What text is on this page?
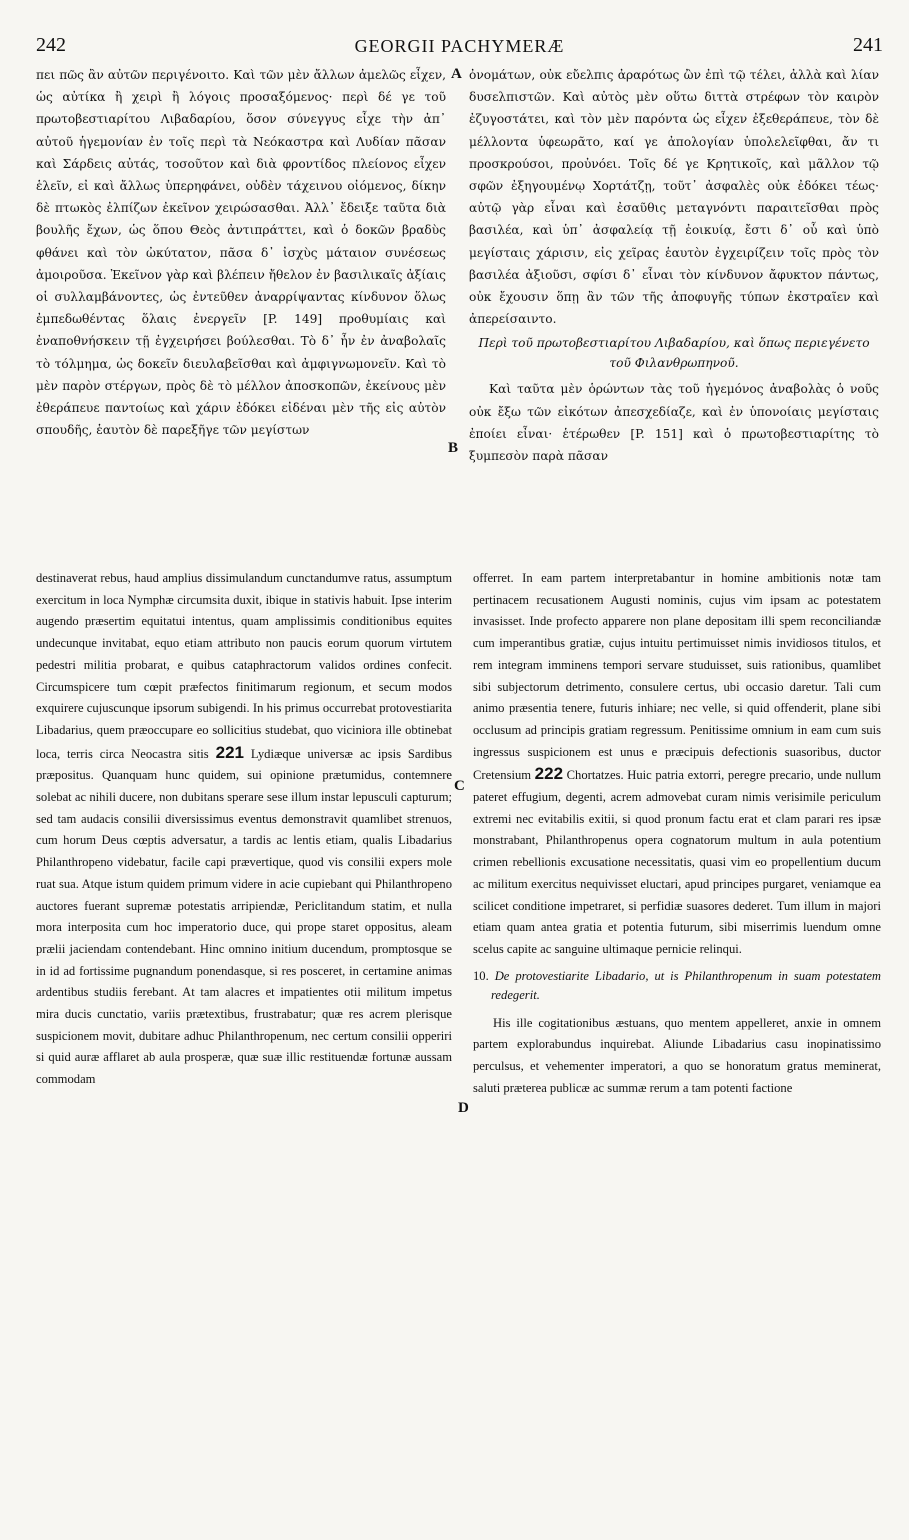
242	GEORGII PACHYMERÆ	241

πει πῶς ἂν αὐτῶν περιγένοιτο. Καὶ τῶν μὲν ἄλλων ἀμελῶς εἶχεν, ὡς αὐτίκα ἢ χειρὶ ἢ λόγοις προσαξόμενος· περὶ δέ γε τοῦ πρωτοβεστιαρίτου Λιβαδαρίου, ὅσον σύνεγγυς εἶχε τὴν ἀπ᾽ αὐτοῦ ἡγεμονίαν ἐν τοῖς περὶ τὰ Νεόκαστρα καὶ Λυδίαν πᾶσαν καὶ Σάρδεις αὐτάς, τοσοῦτον καὶ διὰ φροντίδος πλείονος εἶχεν ἑλεῖν, εἰ καὶ ἄλλως ὑπερηφάνει, οὐδὲν τάχεινου οἰόμενος, δίκην δὲ πτωκὸς ἐλπίζων ἐκεῖνον χειρώσασθαι. Ἀλλ᾽ ἔδειξε ταῦτα διὰ βουλῆς ἔχων, ὡς ὅπου Θεὸς ἀντιπράττει, καὶ ὁ δοκῶν βραδὺς φθάνει καὶ τὸν ὠκύτατον, πᾶσα δ᾽ ἰσχὺς μάταιον συνέσεως ἀμοιροῦσα. Ἐκεῖνον γὰρ καὶ βλέπειν ἤθελον ἐν βασιλικαῖς ἀξίαις οἱ συλλαμβάνοντες, ὡς ἐντεῦθεν ἀναρρίψαντας κίνδυνον ὅλως ἐμπεδωθέντας ὅλαις ἐνεργεῖν [P. 149] προθυμίαις καὶ ἐναποθνήσκειν τῇ ἐγχειρήσει βούλεσθαι. Τὸ δ᾽ ἦν ἐν ἀναβολαῖς τὸ τόλμημα, ὡς δοκεῖν διευλαβεῖσθαι καὶ ἀμφιγνωμονεῖν. Καὶ τὸ μὲν παρὸν στέργων, πρὸς δὲ τὸ μέλλον ἀποσκοπῶν, ἐκείνους μὲν ἐθεράπευε παντοίως καὶ χάριν ἐδόκει εἰδέναι μὲν τῆς εἰς αὐτὸν σπουδῆς, ἑαυτὸν δὲ παρεξῆγε τῶν μεγίστων

ὀνομάτων, οὐκ εὔελπις ἀραρότως ὢν ἐπὶ τῷ τέλει, ἀλλὰ καὶ λίαν δυσελπιστῶν. Καὶ αὐτὸς μὲν οὕτω διττὰ στρέφων τὸν καιρὸν ἐζυγοστάτει, καὶ τὸν μὲν παρόντα ὡς εἶχεν ἐξεθεράπευε, τὸν δὲ μέλλοντα ὑφεωρᾶτο, καί γε ἀπολογίαν ὑπολελεῖφθαι, ἄν τι προσκρούσοι, προὐνόει. Τοῖς δέ γε Κρητικοῖς, καὶ μᾶλλον τῷ σφῶν ἐξηγουμένῳ Χορτάτζῃ, τοῦτ᾽ ἀσφαλὲς οὐκ ἐδόκει τέως· αὐτῷ γὰρ εἶναι καὶ ἐσαῦθις μεταγνόντι παραιτεῖσθαι πρὸς βασιλέα, καὶ ὑπ᾽ ἀσφαλείᾳ τῇ ἐοικυίᾳ, ἔστι δ᾽ οὗ καὶ ὑπὸ μεγίσταις χάρισιν, εἰς χεῖρας ἑαυτὸν ἐγχειρίζειν τοῖς πρὸς τὸν βασιλέα ἀξιοῦσι, σφίσι δ᾽ εἶναι τὸν κίνδυνον ἄφυκτον πάντως, οὐκ ἔχουσιν ὅπῃ ἂν τῶν τῆς ἀποφυγῆς τύπων ἐκστραῖεν καὶ ἀπερείσαιντο.

Περὶ τοῦ πρωτοβεστιαρίτου Λιβαδαρίου, καὶ ὅπως περιεγένετο τοῦ Φιλανθρωπηνοῦ.

Καὶ ταῦτα μὲν ὁρώντων τὰς τοῦ ἡγεμόνος ἀναβολὰς ὁ νοῦς οὐκ ἔξω τῶν εἰκότων ἀπεσχεδίαζε, καὶ ἐν ὑπονοίαις μεγίσταις ἐποίει εἶναι· ἑτέρωθεν [P. 151] καὶ ὁ πρωτοβεστιαρίτης τὸ ξυμπεσὸν παρὰ πᾶσαν

A
B
C
D

destinaverat rebus, haud amplius dissimulandum cunctandumve ratus, assumptum exercitum in loca Nymphæ circumsita duxit, ibique in stativis habuit. Ipse interim augendo præsertim equitatui intentus, quam amplissimis conditionibus equites undecunque invitabat, equo etiam attributo non paucis eorum quorum virtutem pedestri militia probarat, e quibus cataphractorum validos ordines confecit. Circumspicere tum cœpit præfectos finitimarum regionum, et secum modos exquirere cujuscunque ipsorum subigendi. In his primus occurrebat protovestiarita Libadarius, quem præoccupare eo sollicitius studebat, quo viciniora ille obtinebat loca, terris circa Neocastra sitis 221 Lydiæque universæ ac ipsis Sardibus præpositus. Quanquam hunc quidem, sui opinione prætumidus, contemnere solebat ac nihili ducere, non dubitans sperare sese illum instar lepusculi capturum; sed tam audacis consilii diversissimus eventus demonstravit quamlibet strenuos, cum horum Deus cœptis adversatur, a tardis ac lentis etiam, qualis Libadarius Philanthropeno videbatur, facile capi prævertique, quod vis consilii expers mole ruat sua. Atque istum quidem primum videre in acie cupiebant qui Philanthropeno auctores fuerant supremæ potestatis arripiendæ, Periclitandum statim, et nulla mora interposita cum hoc imperatorio duce, qui prope staret oppositus, aleam prælii jaciendam contendebant. Hinc omnino initium ducendum, promptosque se in id ad fortissime pugnandum ponendasque, si res posceret, in certamine animas ardentibus studiis ferebant. At tam alacres et impatientes otii militum impetus mira ducis cunctatio, variis prætextibus, frustrabatur; quæ res acrem plerisque suspicionem movit, dubitare adhuc Philanthropenum, nec certum consilii opperiri si quid auræ afflaret ab aula prosperæ, quæ suæ illic restituendæ fortunæ aussam commodam

offerret. In eam partem interpretabantur in homine ambitionis notæ tam pertinacem recusationem Augusti nominis, cujus vim ipsam ac potestatem invasisset. Inde profecto apparere non plane depositam illi spem reconciliandæ cum imperantibus gratiæ, cujus intuitu pertimuisset nimis invidiosos titulos, et rem integram imminens tempori servare studuisset, suis rationibus, quamlibet sibi subjectorum detrimento, consulere certus, ubi occasio daretur. Tali cum animo præsentia tenere, futuris inhiare; nec velle, si quid offenderit, plane sibi occlusum ad principis gratiam regressum. Penitissime omnium in eam cum suis ingressus suspicionem est unus e præcipuis defectionis suasoribus, ductor Cretensium 222 Chortatzes. Huic patria extorri, peregre precario, unde nullum pateret effugium, degenti, acrem admovebat curam nimis verisimile periculum extremi nec evitabilis exitii, si quod pronum factu erat et clam parari res ipsæ monstrabant, Philanthropenus opera cognatorum multum in aula potentium crimen rebellionis excusatione necessitatis, quasi vim eo propellentium ducum ac militum exercitus nequivisset eluctari, apud principes purgaret, veniamque ea scilicet conditione impetraret, si perfidiæ suasores dederet. Tum illum in majori etiam quam antea gratia et potentia futurum, sibi miserrimis luendum omne scelus capite ac sanguine ultimaque pernicie relinqui.

10. De protovestiarite Libadario, ut is Philanthropenum in suam potestatem redegerit.

His ille cogitationibus æstuans, quo mentem appelleret, anxie in omnem partem explorabundus inquirebat. Aliunde Libadarius casu inopinatissimo perculsus, et vehementer imperatori, a quo se honoratum gratus meminerat, saluti præterea publicæ ac summæ rerum a tam potenti factione
